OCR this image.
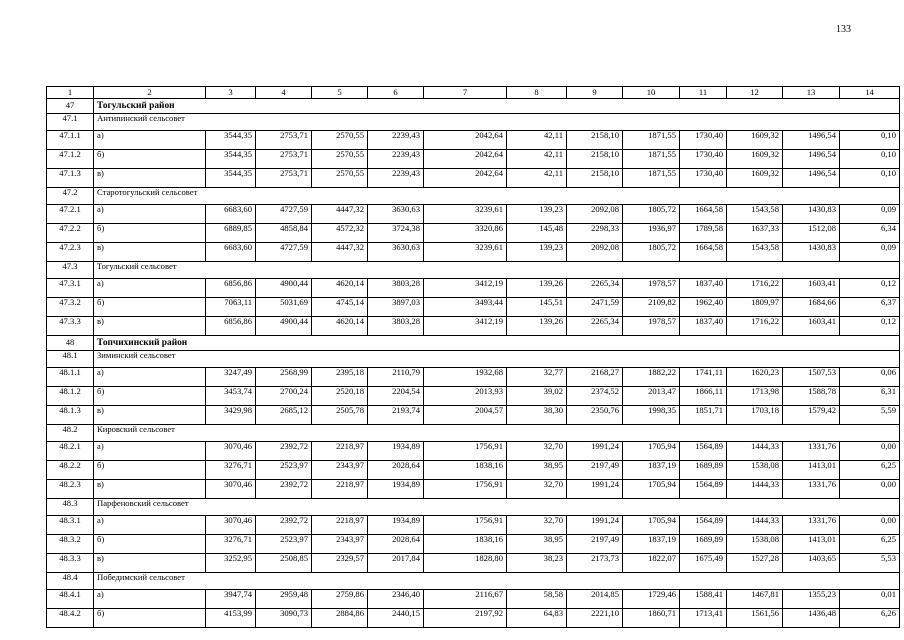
133
1	2	3	4	5	6	7	8	9	10	11	12	13	14
47	Тогульский район												
47.1	Антипинский сельсовет												
47.1.1	а)	3544,35	2753,71	2570,55	2239,43	2042,64	42,11	2158,10	1871,55	1730,40	1609,32	1496,54	0,10
47.1.2	б)	3544,35	2753,71	2570,55	2239,43	2042,64	42,11	2158,10	1871,55	1730,40	1609,32	1496,54	0,10
47.1.3	в)	3544,35	2753,71	2570,55	2239,43	2042,64	42,11	2158,10	1871,55	1730,40	1609,32	1496,54	0,10
47.2	Старотогульский сельсовет												
47.2.1	а)	6683,60	4727,59	4447,32	3630,63	3239,61	139,23	2092,08	1805,72	1664,58	1543,58	1430,83	0,09
47.2.2	б)	6889,85	4858,84	4572,32	3724,38	3320,86	145,48	2298,33	1936,97	1789,58	1637,33	1512,08	6,34
47.2.3	в)	6683,60	4727,59	4447,32	3630,63	3239,61	139,23	2092,08	1805,72	1664,58	1543,58	1430,83	0,09
47.3	Тогульский сельсовет												
47.3.1	а)	6856,86	4900,44	4620,14	3803,28	3412,19	139,26	2265,34	1978,57	1837,40	1716,22	1603,41	0,12
47.3.2	б)	7063,11	5031,69	4745,14	3897,03	3493,44	145,51	2471,59	2109,82	1962,40	1809,97	1684,66	6,37
47.3.3	в)	6856,86	4900,44	4620,14	3803,28	3412,19	139,26	2265,34	1978,57	1837,40	1716,22	1603,41	0,12
48	Топчихинский район												
48.1	Зиминский сельсовет												
48.1.1	а)	3247,49	2568,99	2395,18	2110,79	1932,68	32,77	2168,27	1882,22	1741,11	1620,23	1507,53	0,06
48.1.2	б)	3453,74	2700,24	2520,18	2204,54	2013,93	39,02	2374,52	2013,47	1866,11	1713,98	1588,78	6,31
48.1.3	в)	3429,98	2685,12	2505,78	2193,74	2004,57	38,30	2350,76	1998,35	1851,71	1703,18	1579,42	5,59
48.2	Кировский сельсовет												
48.2.1	а)	3070,46	2392,72	2218,97	1934,89	1756,91	32,70	1991,24	1705,94	1564,89	1444,33	1331,76	0,00
48.2.2	б)	3276,71	2523,97	2343,97	2028,64	1838,16	38,95	2197,49	1837,19	1689,89	1538,08	1413,01	6,25
48.2.3	в)	3070,46	2392,72	2218,97	1934,89	1756,91	32,70	1991,24	1705,94	1564,89	1444,33	1331,76	0,00
48.3	Парфеновский сельсовет												
48.3.1	а)	3070,46	2392,72	2218,97	1934,89	1756,91	32,70	1991,24	1705,94	1564,89	1444,33	1331,76	0,00
48.3.2	б)	3276,71	2523,97	2343,97	2028,64	1838,16	38,95	2197,49	1837,19	1689,89	1538,08	1413,01	6,25
48.3.3	в)	3252,95	2508,85	2329,57	2017,84	1828,80	38,23	2173,73	1822,07	1675,49	1527,28	1403,65	5,53
48.4	Победимский сельсовет												
48.4.1	а)	3947,74	2959,48	2759,86	2346,40	2116,67	58,58	2014,85	1729,46	1588,41	1467,81	1355,23	0,01
48.4.2	б)	4153,99	3090,73	2884,86	2440,15	2197,92	64,83	2221,10	1860,71	1713,41	1561,56	1436,48	6,26
